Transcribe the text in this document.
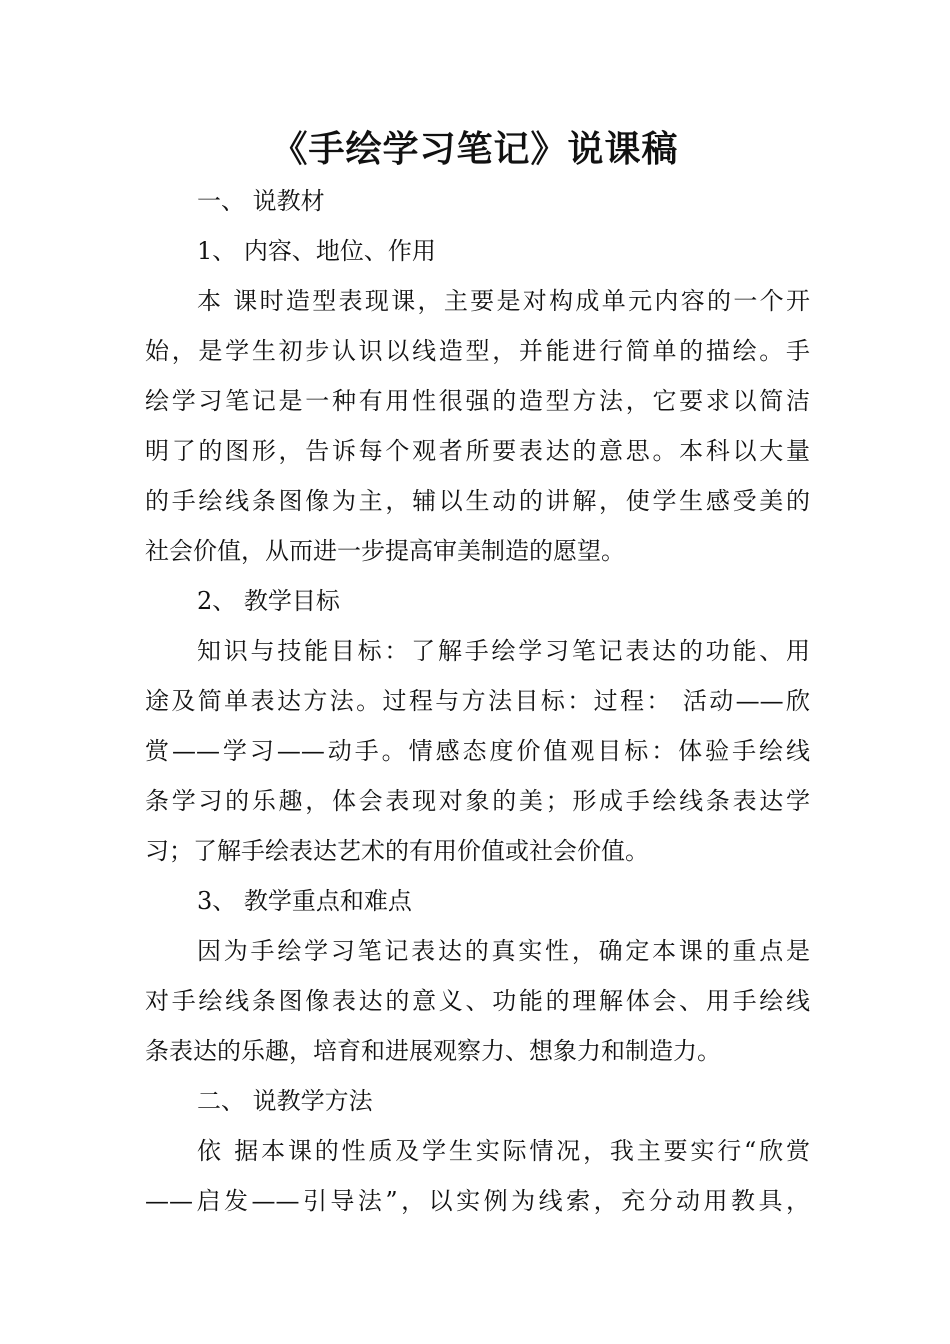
《手绘学习笔记》说课稿
一、 说教材
1、 内容、地位、作用
本 课时造型表现课，主要是对构成单元内容的一个开
始，是学生初步认识以线造型，并能进行简单的描绘。手
绘学习笔记是一种有用性很强的造型方法，它要求以简洁
明了的图形，告诉每个观者所要表达的意思。本科以大量
的手绘线条图像为主，辅以生动的讲解，使学生感受美的
社会价值，从而进一步提高审美制造的愿望。
2、 教学目标
知识与技能目标：了解手绘学习笔记表达的功能、用
途及简单表达方法。过程与方法目标：过程： 活动——欣
赏——学习——动手。情感态度价值观目标：体验手绘线
条学习的乐趣，体会表现对象的美；形成手绘线条表达学
习；了解手绘表达艺术的有用价值或社会价值。
3、 教学重点和难点
因为手绘学习笔记表达的真实性，确定本课的重点是
对手绘线条图像表达的意义、功能的理解体会、用手绘线
条表达的乐趣，培育和进展观察力、想象力和制造力。
二、 说教学方法
依 据本课的性质及学生实际情况，我主要实行“欣赏
——启发——引导法”，以实例为线索，充分动用教具，
